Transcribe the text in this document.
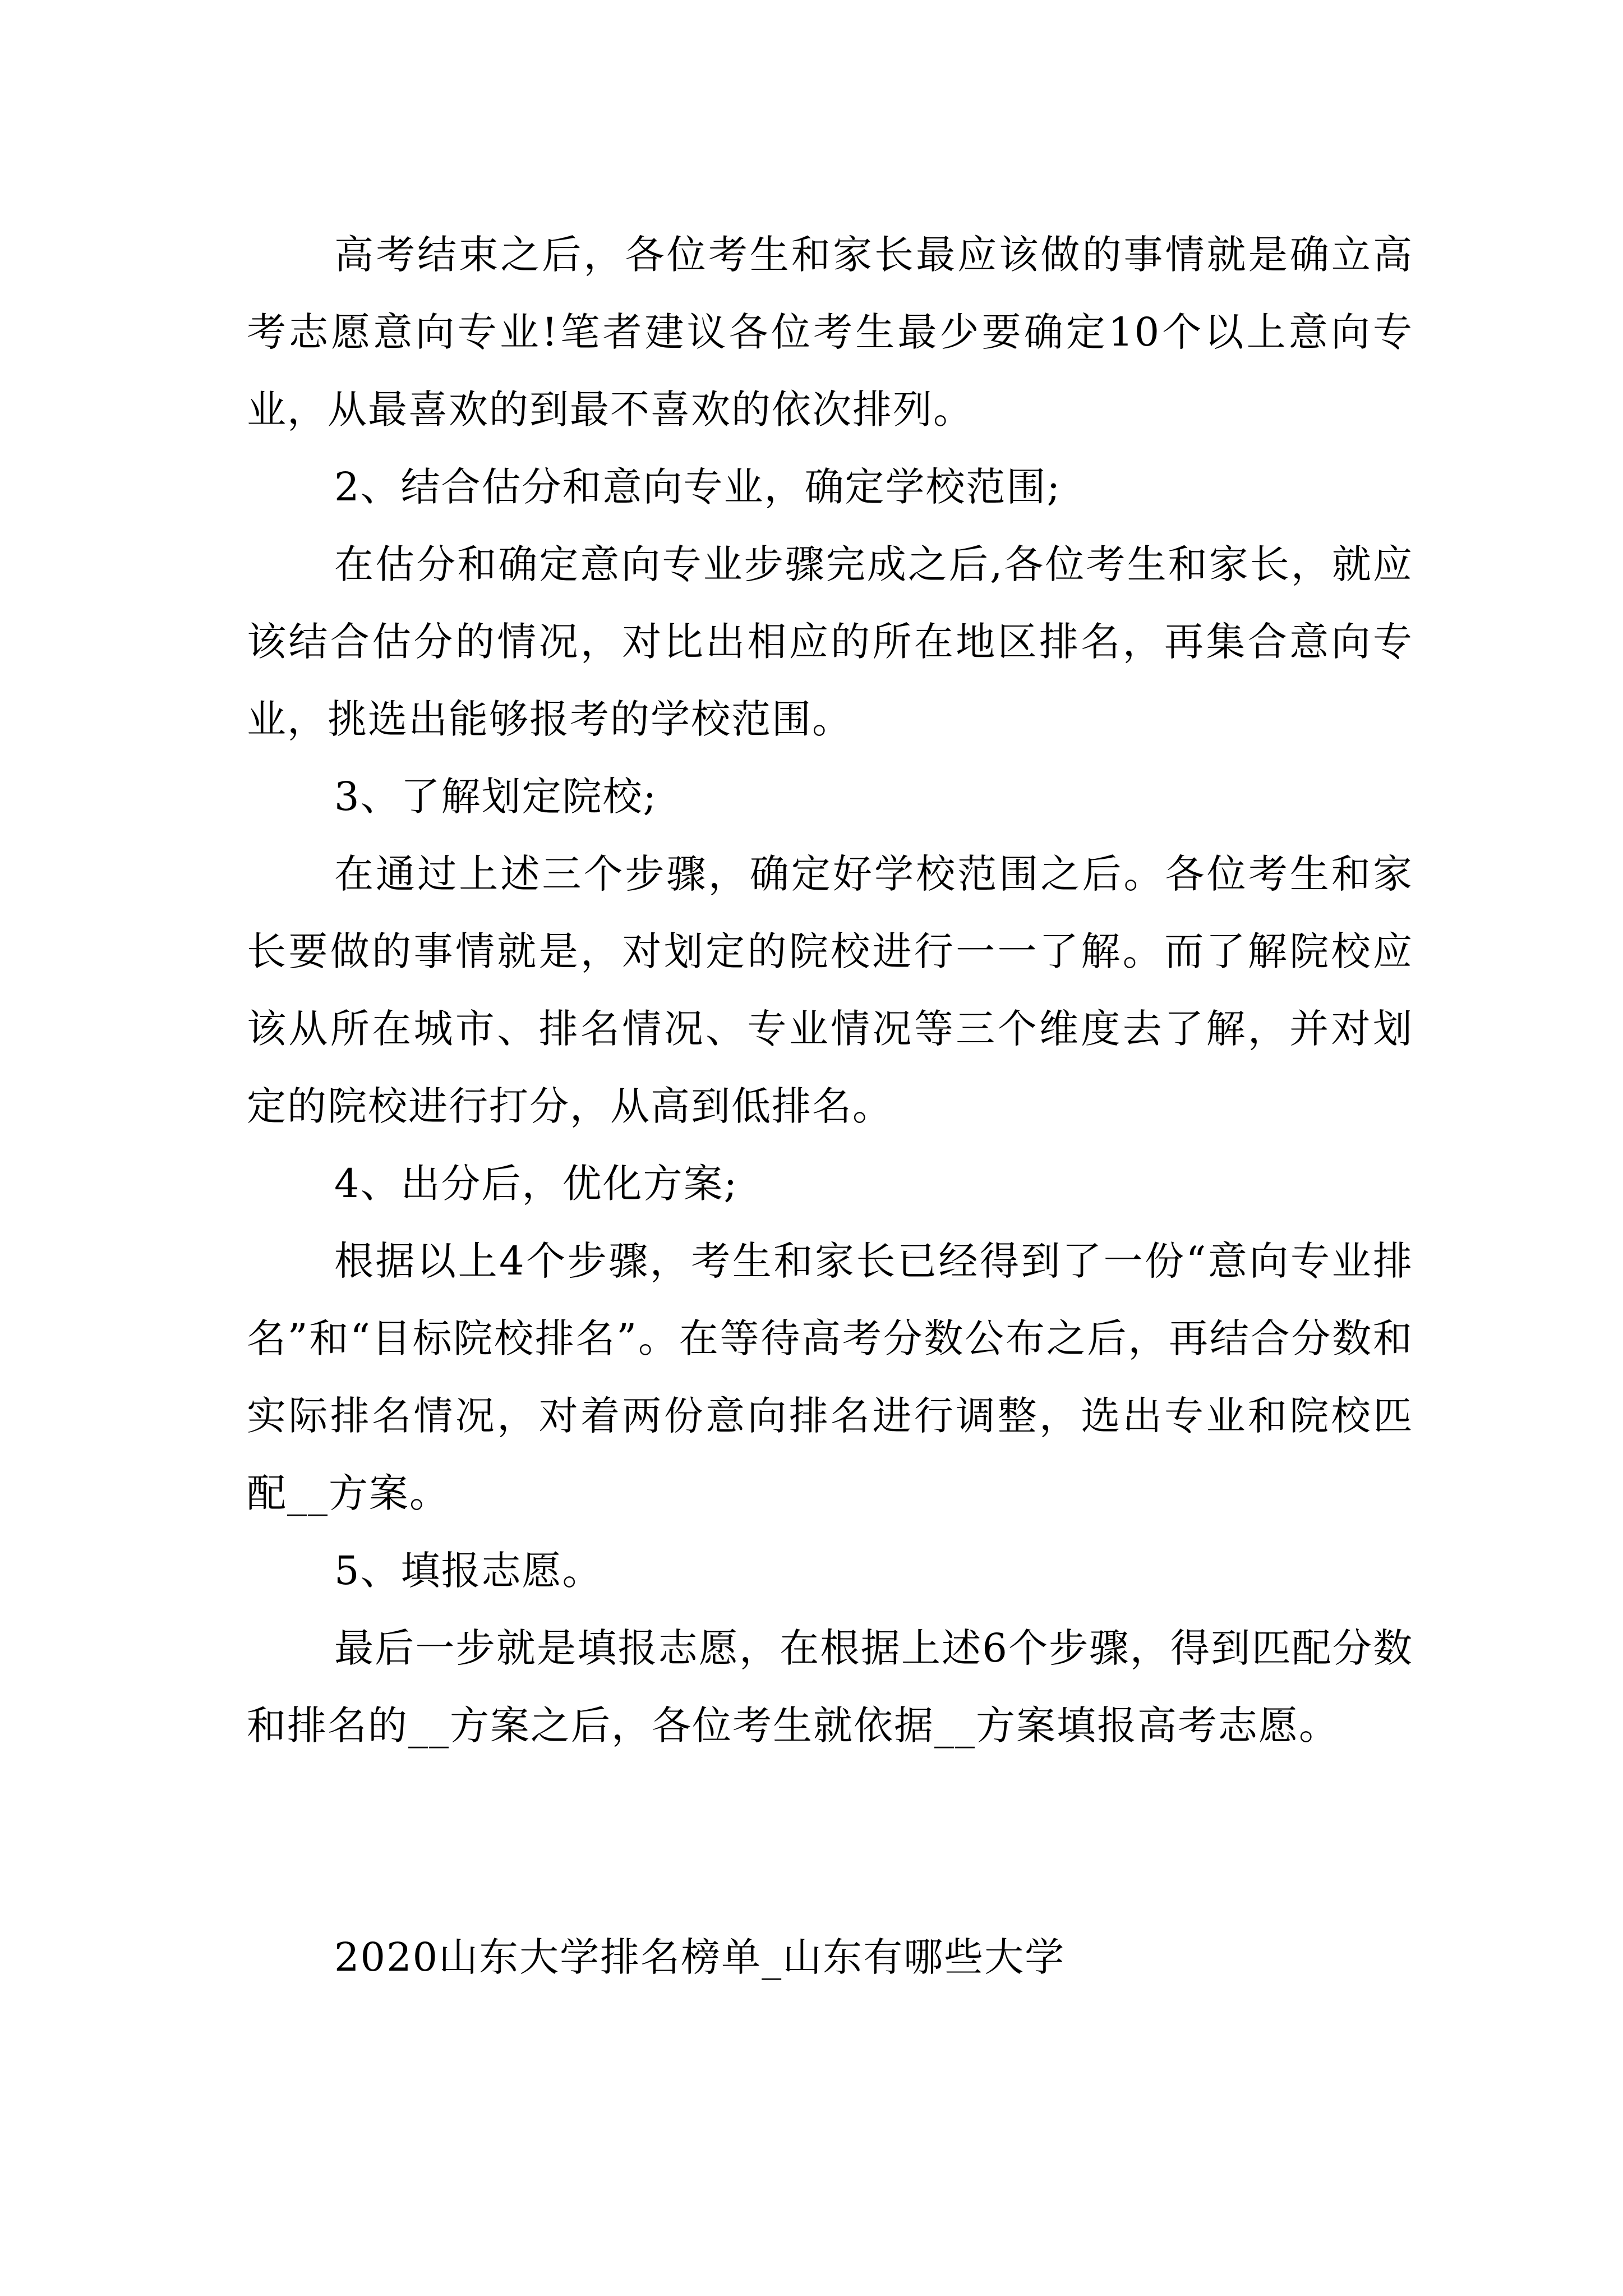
高考结束之后，各位考生和家长最应该做的事情就是确立高考志愿意向专业!笔者建议各位考生最少要确定10个以上意向专业，从最喜欢的到最不喜欢的依次排列。

2、结合估分和意向专业，确定学校范围;

在估分和确定意向专业步骤完成之后,各位考生和家长，就应该结合估分的情况，对比出相应的所在地区排名，再集合意向专业，挑选出能够报考的学校范围。

3、了解划定院校;

在通过上述三个步骤，确定好学校范围之后。各位考生和家长要做的事情就是，对划定的院校进行一一了解。而了解院校应该从所在城市、排名情况、专业情况等三个维度去了解，并对划定的院校进行打分，从高到低排名。

4、出分后，优化方案;

根据以上4个步骤，考生和家长已经得到了一份“意向专业排名”和“目标院校排名”。在等待高考分数公布之后，再结合分数和实际排名情况，对着两份意向排名进行调整，选出专业和院校匹配__方案。

5、填报志愿。

最后一步就是填报志愿，在根据上述6个步骤，得到匹配分数和排名的__方案之后，各位考生就依据__方案填报高考志愿。

2020山东大学排名榜单_山东有哪些大学
